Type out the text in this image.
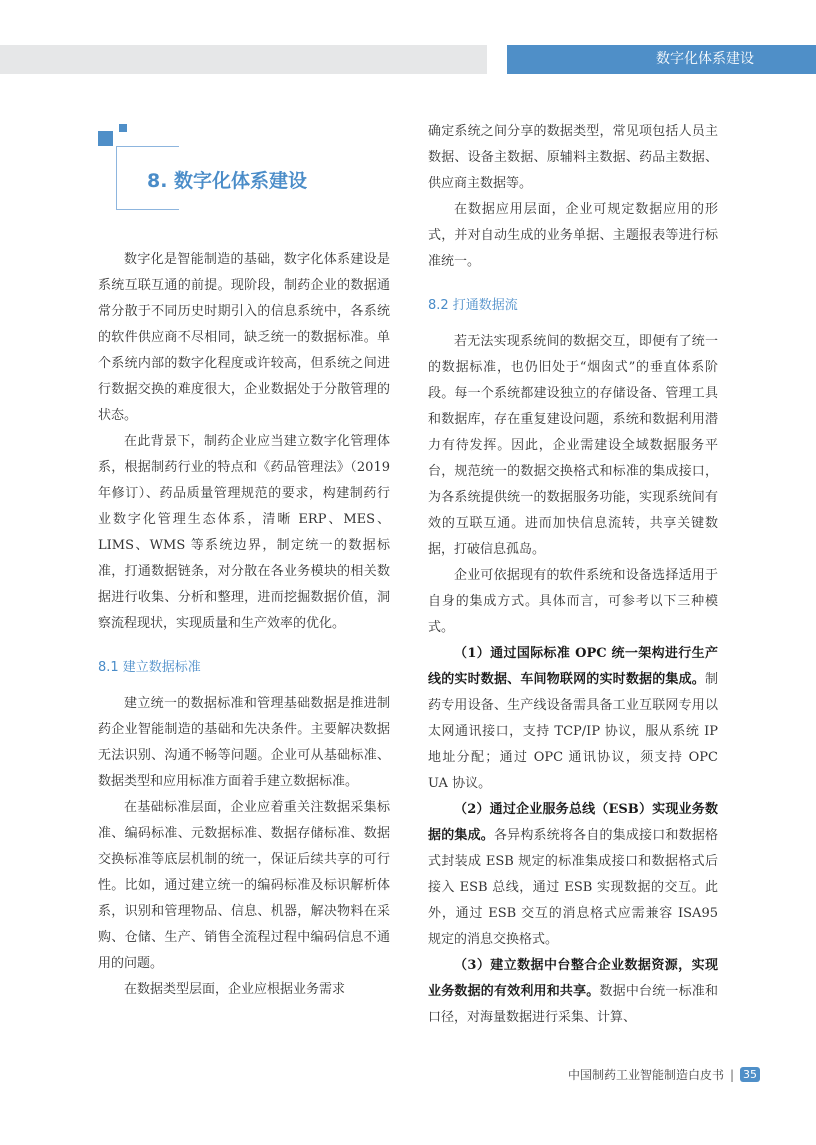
数字化体系建设
8. 数字化体系建设

数字化是智能制造的基础，数字化体系建设是系统互联互通的前提。现阶段，制药企业的数据通常分散于不同历史时期引入的信息系统中，各系统的软件供应商不尽相同，缺乏统一的数据标准。单个系统内部的数字化程度或许较高，但系统之间进行数据交换的难度很大，企业数据处于分散管理的状态。

在此背景下，制药企业应当建立数字化管理体系，根据制药行业的特点和《药品管理法》（2019 年修订）、药品质量管理规范的要求，构建制药行业数字化管理生态体系，清晰 ERP、MES、LIMS、WMS 等系统边界，制定统一的数据标准，打通数据链条，对分散在各业务模块的相关数据进行收集、分析和整理，进而挖掘数据价值，洞察流程现状，实现质量和生产效率的优化。

8.1 建立数据标准

建立统一的数据标准和管理基础数据是推进制药企业智能制造的基础和先决条件。主要解决数据无法识别、沟通不畅等问题。企业可从基础标准、数据类型和应用标准方面着手建立数据标准。

在基础标准层面，企业应着重关注数据采集标准、编码标准、元数据标准、数据存储标准、数据交换标准等底层机制的统一，保证后续共享的可行性。比如，通过建立统一的编码标准及标识解析体系，识别和管理物品、信息、机器，解决物料在采购、仓储、生产、销售全流程过程中编码信息不通用的问题。

在数据类型层面，企业应根据业务需求

确定系统之间分享的数据类型，常见项包括人员主数据、设备主数据、原辅料主数据、药品主数据、供应商主数据等。

在数据应用层面，企业可规定数据应用的形式，并对自动生成的业务单据、主题报表等进行标准统一。

8.2 打通数据流

若无法实现系统间的数据交互，即便有了统一的数据标准，也仍旧处于“烟囱式”的垂直体系阶段。每一个系统都建设独立的存储设备、管理工具和数据库，存在重复建设问题，系统和数据利用潜力有待发挥。因此，企业需建设全域数据服务平台，规范统一的数据交换格式和标准的集成接口，为各系统提供统一的数据服务功能，实现系统间有效的互联互通。进而加快信息流转，共享关键数据，打破信息孤岛。

企业可依据现有的软件系统和设备选择适用于自身的集成方式。具体而言，可参考以下三种模式。

（1）通过国际标准 OPC 统一架构进行生产线的实时数据、车间物联网的实时数据的集成。制药专用设备、生产线设备需具备工业互联网专用以太网通讯接口，支持 TCP/IP 协议，服从系统 IP 地址分配；通过 OPC 通讯协议，须支持 OPC UA 协议。

（2）通过企业服务总线（ESB）实现业务数据的集成。各异构系统将各自的集成接口和数据格式封装成 ESB 规定的标准集成接口和数据格式后接入 ESB 总线，通过 ESB 实现数据的交互。此外，通过 ESB 交互的消息格式应需兼容 ISA95 规定的消息交换格式。

（3）建立数据中台整合企业数据资源，实现业务数据的有效利用和共享。数据中台统一标准和口径，对海量数据进行采集、计算、

中国制药工业智能制造白皮书 | 35
